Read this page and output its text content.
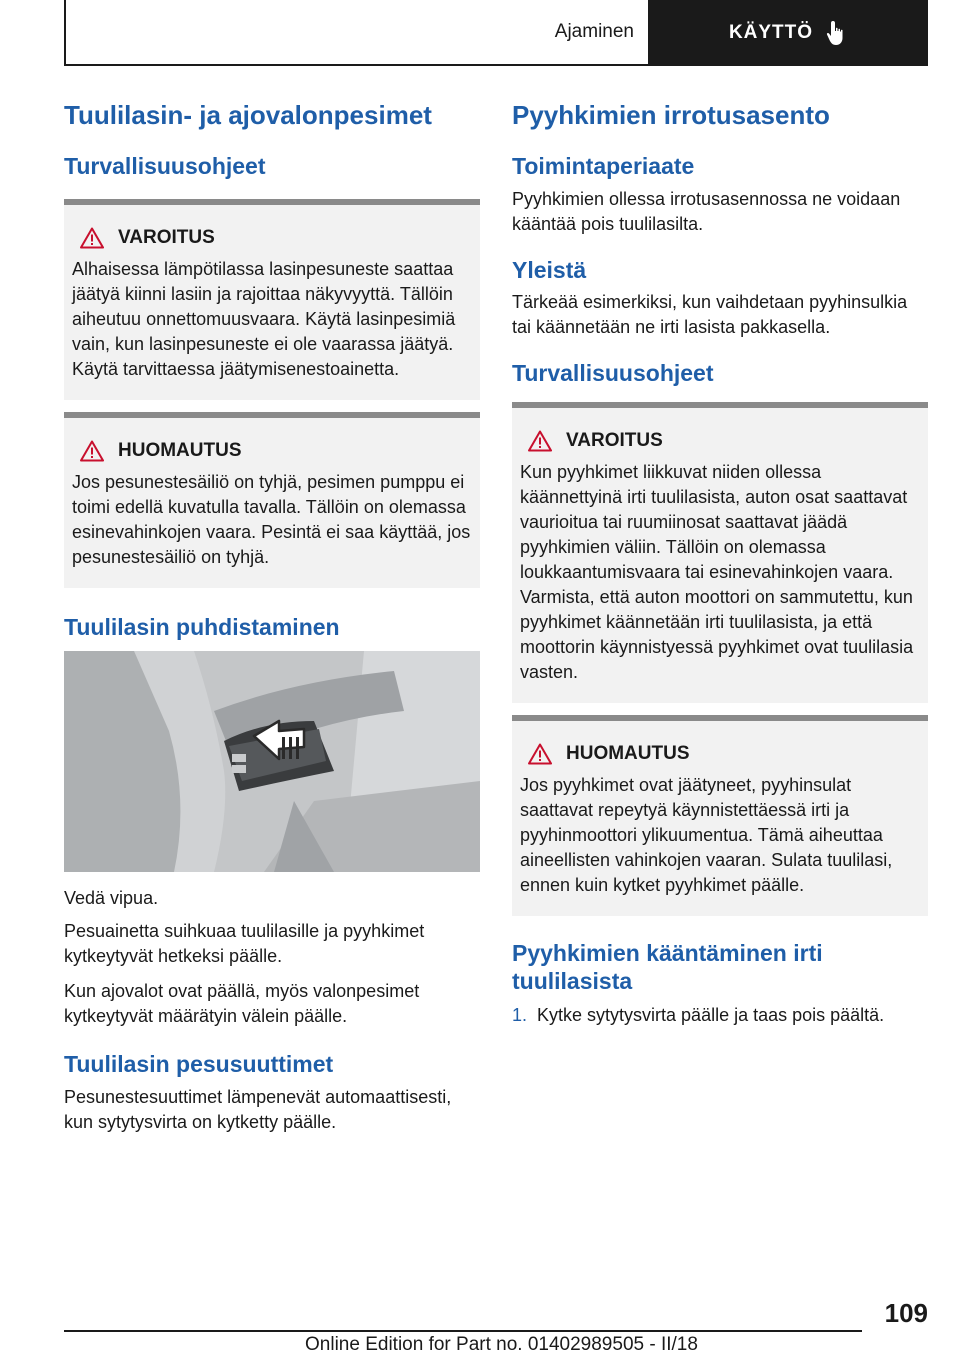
Ajaminen	KÄYTTÖ
Tuulilasin- ja ajovalonpesimet
Turvallisuusohjeet
VAROITUS

Alhaisessa lämpötilassa lasinpesuneste saattaa jäätyä kiinni lasiin ja rajoittaa näkyvyyttä. Tällöin aiheutuu onnettomuusvaara. Käytä lasinpesimiä vain, kun lasinpesuneste ei ole vaarassa jäätyä. Käytä tarvittaessa jäätymisenestoainetta.

HUOMAUTUS

Jos pesunestesäiliö on tyhjä, pesimen pumppu ei toimi edellä kuvatulla tavalla. Tällöin on olemassa esinevahinkojen vaara. Pesintä ei saa käyttää, jos pesunestesäiliö on tyhjä.

Tuulilasin puhdistaminen

Vedä vipua.

Pesuainetta suihkuaa tuulilasille ja pyyhkimet kytkeytyvät hetkeksi päälle.

Kun ajovalot ovat päällä, myös valonpesimet kytkeytyvät määrätyin välein päälle.

Tuulilasin pesusuuttimet

Pesunestesuuttimet lämpenevät automaattisesti, kun sytytysvirta on kytketty päälle.

Pyyhkimien irrotusasento
Toimintaperiaate

Pyyhkimien ollessa irrotusasennossa ne voidaan kääntää pois tuulilasilta.

Yleistä

Tärkeää esimerkiksi, kun vaihdetaan pyyhinsulkia tai käännetään ne irti lasista pakkasella.

Turvallisuusohjeet
VAROITUS

Kun pyyhkimet liikkuvat niiden ollessa käännettyinä irti tuulilasista, auton osat saattavat vaurioitua tai ruumiinosat saattavat jäädä pyyhkimien väliin. Tällöin on olemassa loukkaantumisvaara tai esinevahinkojen vaara. Varmista, että auton moottori on sammutettu, kun pyyhkimet käännetään irti tuulilasista, ja että moottorin käynnistyessä pyyhkimet ovat tuulilasia vasten.

HUOMAUTUS

Jos pyyhkimet ovat jäätyneet, pyyhinsulat saattavat repeytyä käynnistettäessä irti ja pyyhinmoottori ylikuumentua. Tämä aiheuttaa aineellisten vahinkojen vaaran. Sulata tuulilasi, ennen kuin kytket pyyhkimet päälle.

Pyyhkimien kääntäminen irti tuulilasista
1. Kytke sytytysvirta päälle ja taas pois päältä.
109
Online Edition for Part no. 01402989505 - II/18
